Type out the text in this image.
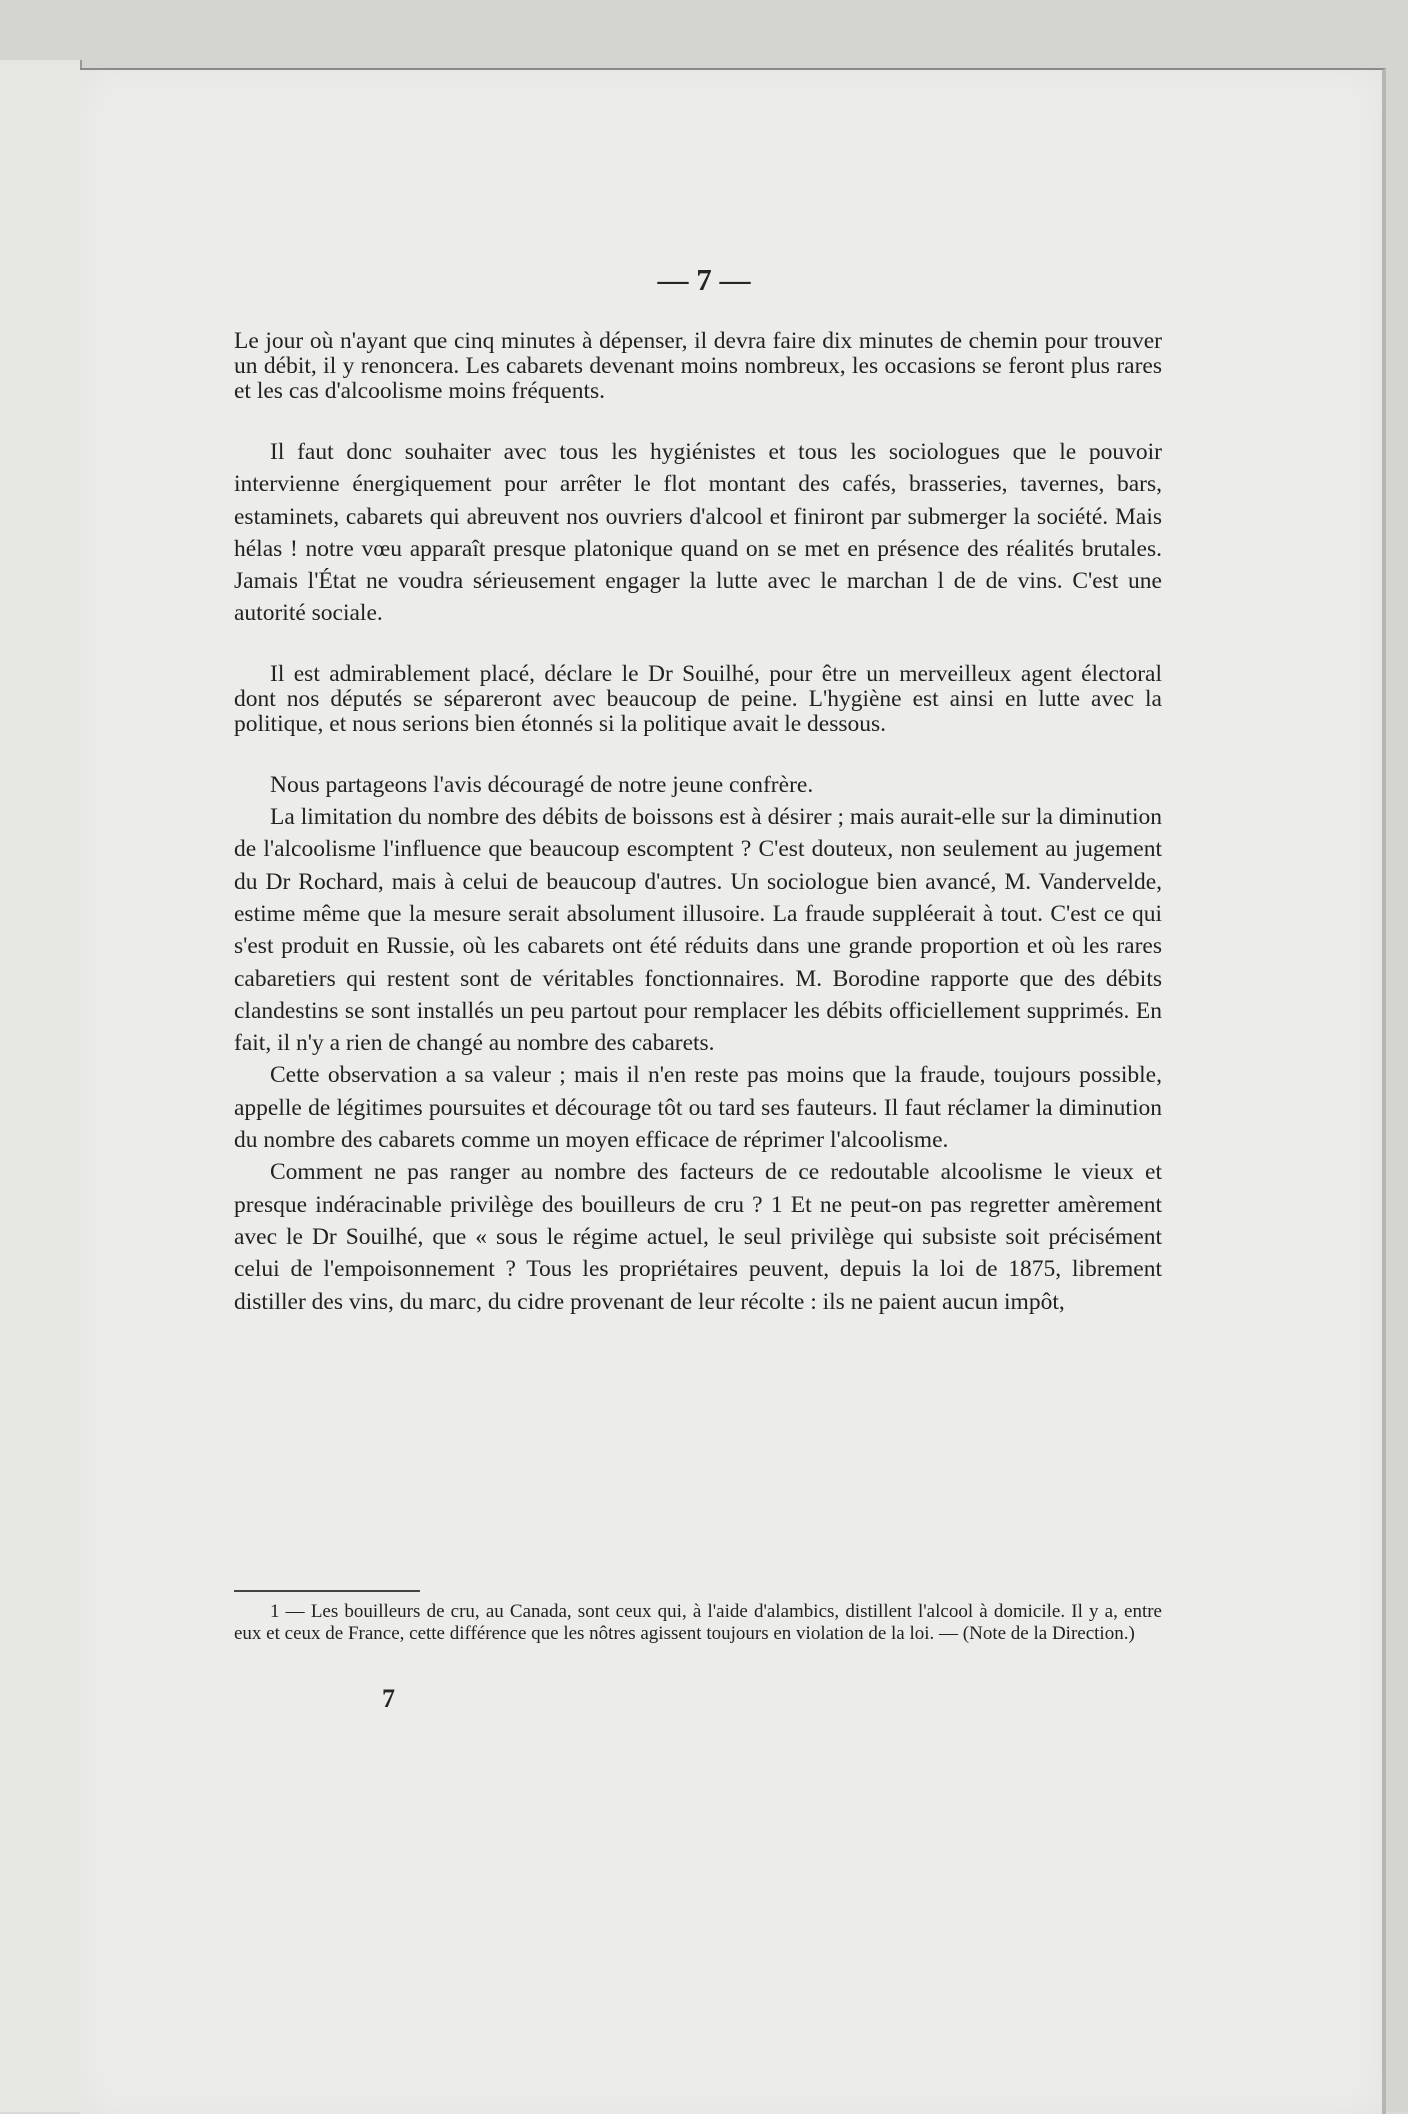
— 7 —

Le jour où n'ayant que cinq minutes à dépenser, il devra faire dix minutes de chemin pour trouver un débit, il y renoncera. Les cabarets devenant moins nombreux, les occasions se feront plus rares et les cas d'alcoolisme moins fréquents.

Il faut donc souhaiter avec tous les hygiénistes et tous les sociologues que le pouvoir intervienne énergiquement pour arrêter le flot montant des cafés, brasseries, tavernes, bars, estaminets, cabarets qui abreuvent nos ouvriers d'alcool et finiront par submerger la société. Mais hélas ! notre vœu apparaît presque platonique quand on se met en présence des réalités brutales. Jamais l'État ne voudra sérieusement engager la lutte avec le marchan l de de vins. C'est une autorité sociale.

Il est admirablement placé, déclare le Dr Souilhé, pour être un merveilleux agent électoral dont nos députés se sépareront avec beaucoup de peine. L'hygiène est ainsi en lutte avec la politique, et nous serions bien étonnés si la politique avait le dessous.

Nous partageons l'avis découragé de notre jeune confrère.

La limitation du nombre des débits de boissons est à désirer ; mais aurait-elle sur la diminution de l'alcoolisme l'influence que beaucoup escomptent ? C'est douteux, non seulement au jugement du Dr Rochard, mais à celui de beaucoup d'autres. Un sociologue bien avancé, M. Vandervelde, estime même que la mesure serait absolument illusoire. La fraude suppléerait à tout. C'est ce qui s'est produit en Russie, où les cabarets ont été réduits dans une grande proportion et où les rares cabaretiers qui restent sont de véritables fonctionnaires. M. Borodine rapporte que des débits clandestins se sont installés un peu partout pour remplacer les débits officiellement supprimés. En fait, il n'y a rien de changé au nombre des cabarets.

Cette observation a sa valeur ; mais il n'en reste pas moins que la fraude, toujours possible, appelle de légitimes poursuites et décourage tôt ou tard ses fauteurs. Il faut réclamer la diminution du nombre des cabarets comme un moyen efficace de réprimer l'alcoolisme.

Comment ne pas ranger au nombre des facteurs de ce redoutable alcoolisme le vieux et presque indéracinable privilège des bouilleurs de cru ? 1 Et ne peut-on pas regretter amèrement avec le Dr Souilhé, que « sous le régime actuel, le seul privilège qui subsiste soit précisément celui de l'empoisonnement ? Tous les propriétaires peuvent, depuis la loi de 1875, librement distiller des vins, du marc, du cidre provenant de leur récolte : ils ne paient aucun impôt,

1 — Les bouilleurs de cru, au Canada, sont ceux qui, à l'aide d'alambics, distillent l'alcool à domicile. Il y a, entre eux et ceux de France, cette différence que les nôtres agissent toujours en violation de la loi. — (Note de la Direction.)

7
